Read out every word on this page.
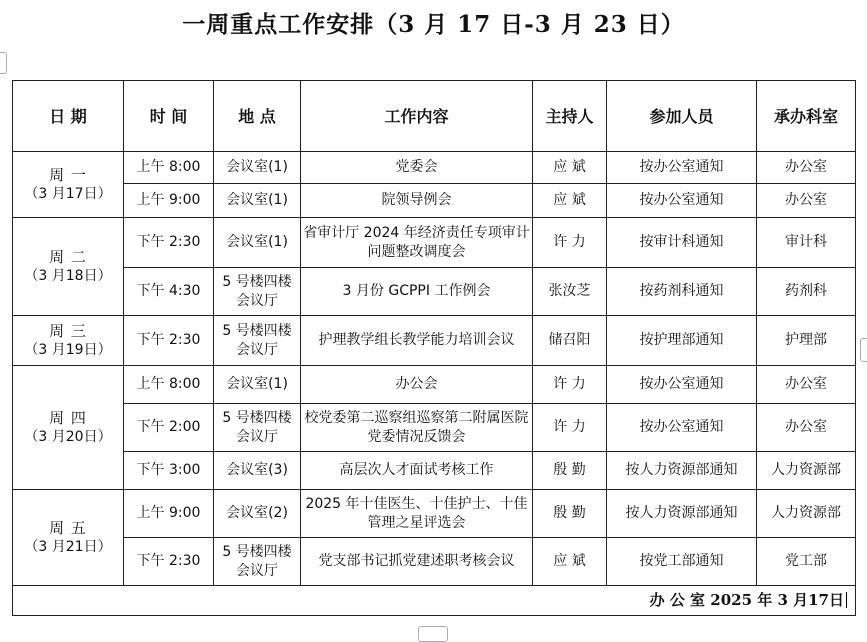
一周重点工作安排（3 月 17 日-3 月 23 日）
日 期	时 间	地 点	工作内容	主持人	参加人员	承办科室

周 一
（3 月17日）	上午 8:00	会议室(1)	党委会	应 斌	按办公室通知	办公室
	上午 9:00	会议室(1)	院领导例会	应 斌	按办公室通知	办公室

周 二
（3 月18日）	下午 2:30	会议室(1)	省审计厅 2024 年经济责任专项审计问题整改调度会	许 力	按审计科通知	审计科
	下午 4:30	5 号楼四楼会议厅	3 月份 GCPPI 工作例会	张汝芝	按药剂科通知	药剂科

周 三
（3 月19日）	下午 2:30	5 号楼四楼会议厅	护理教学组长教学能力培训会议	储召阳	按护理部通知	护理部

周 四
（3 月20日）	上午 8:00	会议室(1)	办公会	许 力	按办公室通知	办公室
	下午 2:00	5 号楼四楼会议厅	校党委第二巡察组巡察第二附属医院党委情况反馈会	许 力	按办公室通知	办公室
	下午 3:00	会议室(3)	高层次人才面试考核工作	殷 勤	按人力资源部通知	人力资源部

周 五
（3 月21日）	上午 9:00	会议室(2)	2025 年十佳医生、十佳护士、十佳管理之星评选会	殷 勤	按人力资源部通知	人力资源部
	下午 2:30	5 号楼四楼会议厅	党支部书记抓党建述职考核会议	应 斌	按党工部通知	党工部
办 公 室 2025 年 3 月17日						
